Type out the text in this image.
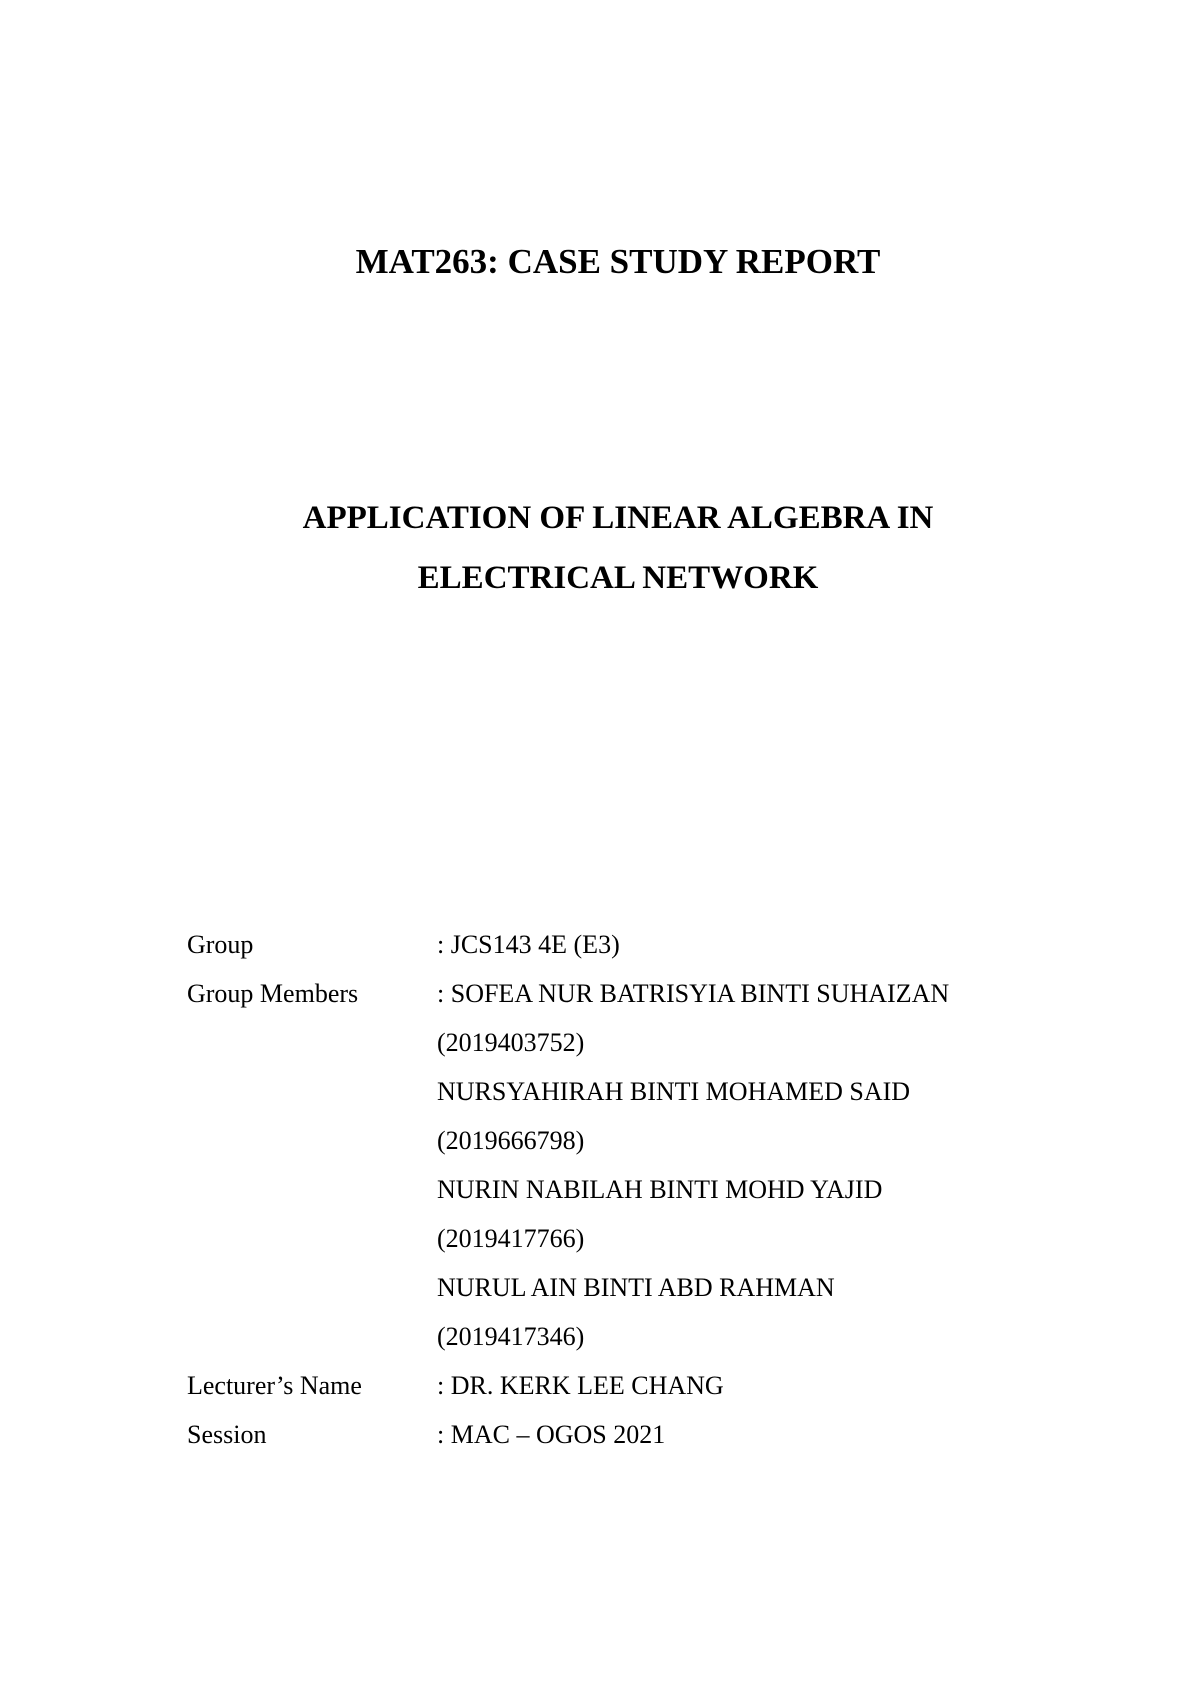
MAT263: CASE STUDY REPORT
APPLICATION OF LINEAR ALGEBRA IN
ELECTRICAL NETWORK
Group	: JCS143 4E (E3)
Group Members	: SOFEA NUR BATRISYIA BINTI SUHAIZAN
(2019403752)
NURSYAHIRAH BINTI MOHAMED SAID
(2019666798)
NURIN NABILAH BINTI MOHD YAJID
(2019417766)
NURUL AIN BINTI ABD RAHMAN
(2019417346)
Lecturer’s Name	: DR. KERK LEE CHANG
Session	: MAC – OGOS 2021
